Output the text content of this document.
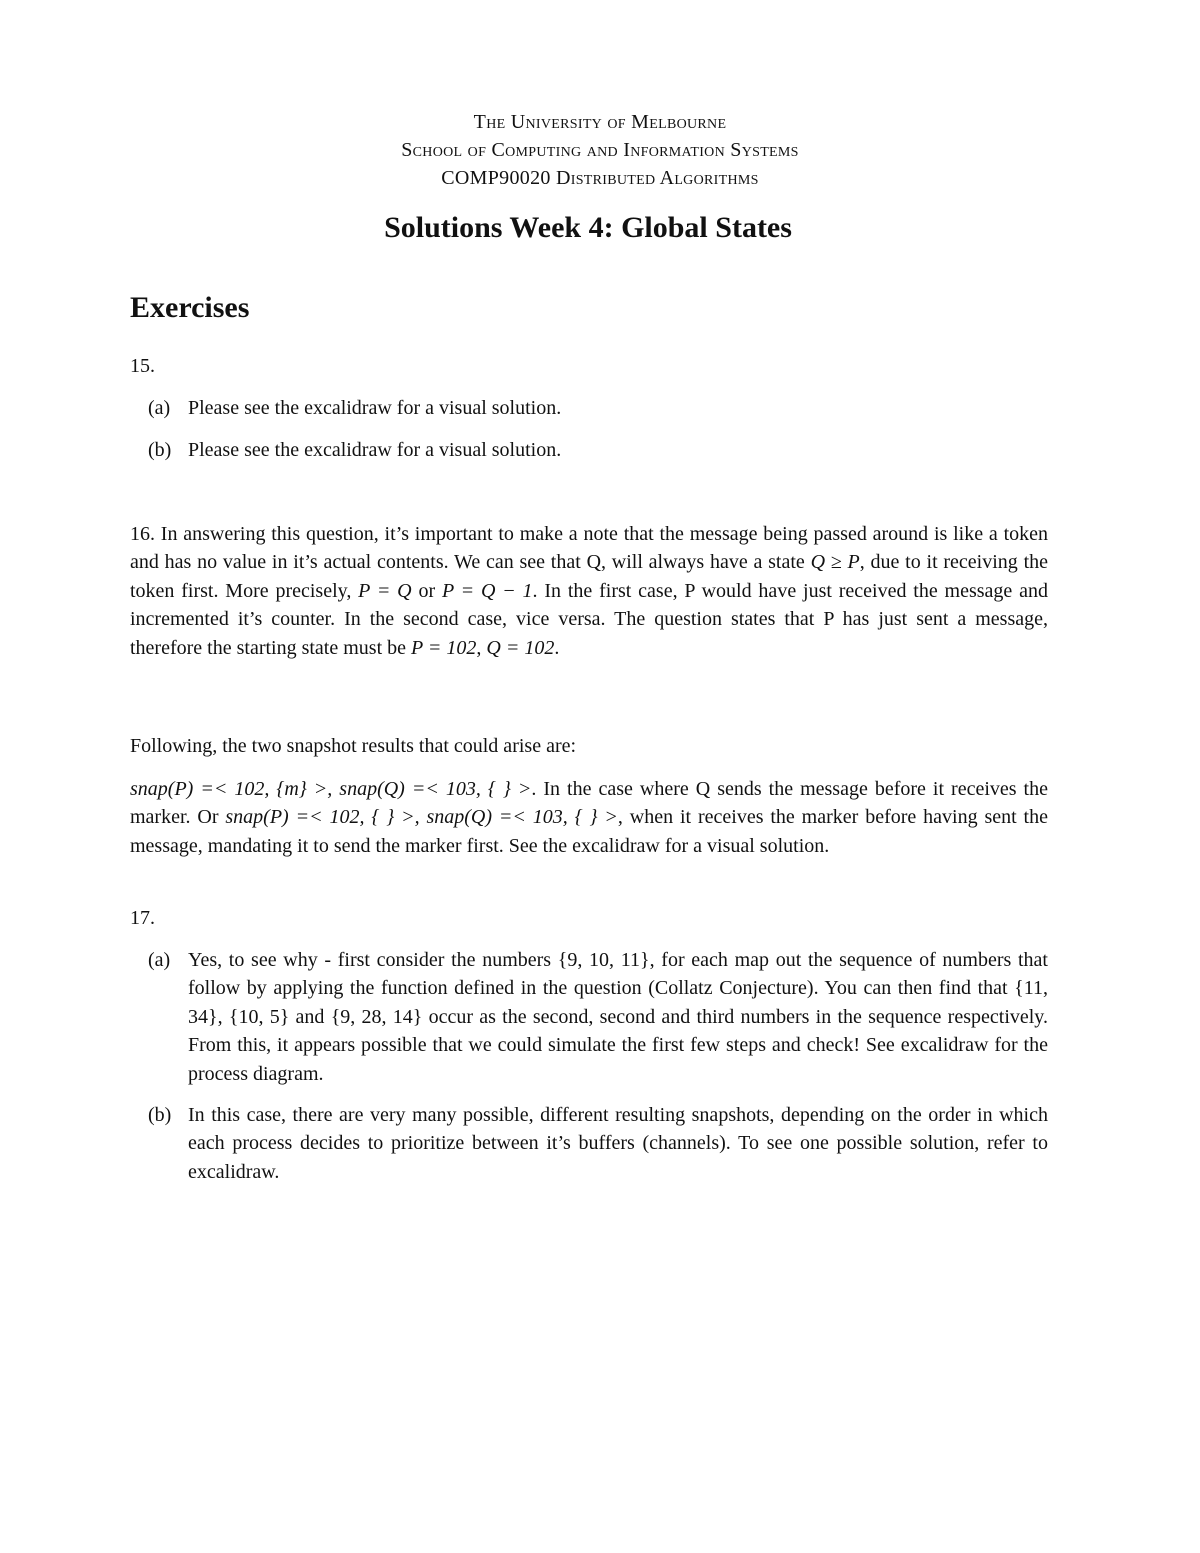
The University of Melbourne
School of Computing and Information Systems
COMP90020 Distributed Algorithms
Solutions Week 4: Global States
Exercises
15.
(a) Please see the excalidraw for a visual solution.
(b) Please see the excalidraw for a visual solution.
16. In answering this question, it’s important to make a note that the message being passed around is like a token and has no value in it’s actual contents. We can see that Q, will always have a state Q ≥ P, due to it receiving the token first. More precisely, P = Q or P = Q − 1. In the first case, P would have just received the message and incremented it’s counter. In the second case, vice versa. The question states that P has just sent a message, therefore the starting state must be P = 102, Q = 102.
Following, the two snapshot results that could arise are:
snap(P) =< 102, {m} >, snap(Q) =< 103, { } >. In the case where Q sends the message before it receives the marker. Or snap(P) =< 102, { } >, snap(Q) =< 103, { } >, when it receives the marker before having sent the message, mandating it to send the marker first. See the excalidraw for a visual solution.
17.
(a) Yes, to see why - first consider the numbers {9, 10, 11}, for each map out the sequence of numbers that follow by applying the function defined in the question (Collatz Conjecture). You can then find that {11, 34}, {10, 5} and {9, 28, 14} occur as the second, second and third numbers in the sequence respectively. From this, it appears possible that we could simulate the first few steps and check! See excalidraw for the process diagram.
(b) In this case, there are very many possible, different resulting snapshots, depending on the order in which each process decides to prioritize between it’s buffers (channels). To see one possible solution, refer to excalidraw.
